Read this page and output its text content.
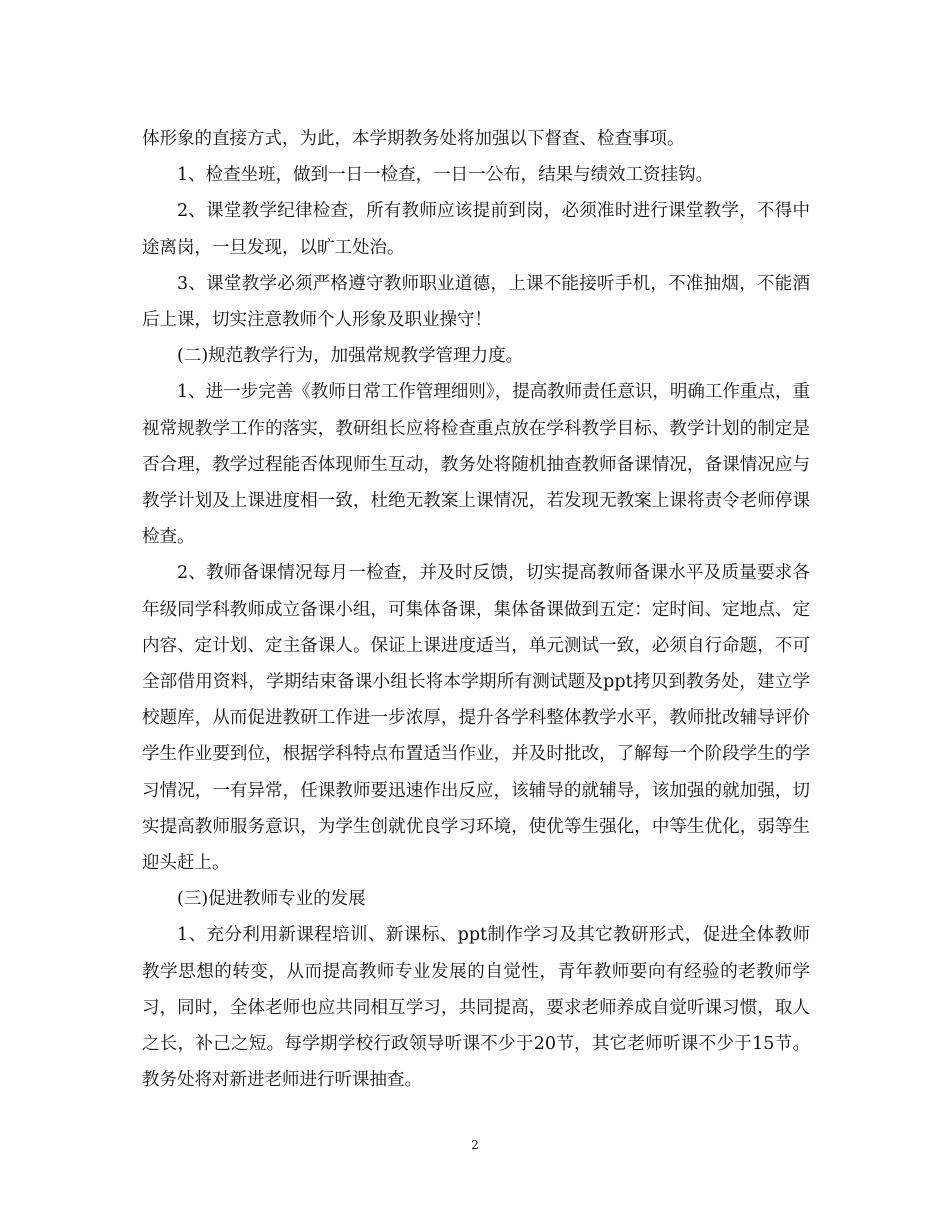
体形象的直接方式，为此，本学期教务处将加强以下督查、检查事项。

1、检查坐班，做到一日一检查，一日一公布，结果与绩效工资挂钩。

2、课堂教学纪律检查，所有教师应该提前到岗，必须准时进行课堂教学，不得中途离岗，一旦发现，以旷工处治。

3、课堂教学必须严格遵守教师职业道德，上课不能接听手机，不准抽烟，不能酒后上课，切实注意教师个人形象及职业操守！

(二)规范教学行为，加强常规教学管理力度。

1、进一步完善《教师日常工作管理细则》，提高教师责任意识，明确工作重点，重视常规教学工作的落实，教研组长应将检查重点放在学科教学目标、教学计划的制定是否合理，教学过程能否体现师生互动，教务处将随机抽查教师备课情况，备课情况应与教学计划及上课进度相一致，杜绝无教案上课情况，若发现无教案上课将责令老师停课检查。

2、教师备课情况每月一检查，并及时反馈，切实提高教师备课水平及质量要求各年级同学科教师成立备课小组，可集体备课，集体备课做到五定：定时间、定地点、定内容、定计划、定主备课人。保证上课进度适当，单元测试一致，必须自行命题，不可全部借用资料，学期结束备课小组长将本学期所有测试题及ppt拷贝到教务处，建立学校题库，从而促进教研工作进一步浓厚，提升各学科整体教学水平，教师批改辅导评价学生作业要到位，根据学科特点布置适当作业，并及时批改，了解每一个阶段学生的学习情况，一有异常，任课教师要迅速作出反应，该辅导的就辅导，该加强的就加强，切实提高教师服务意识，为学生创就优良学习环境，使优等生强化，中等生优化，弱等生迎头赶上。

(三)促进教师专业的发展

1、充分利用新课程培训、新课标、ppt制作学习及其它教研形式，促进全体教师教学思想的转变，从而提高教师专业发展的自觉性，青年教师要向有经验的老教师学习，同时，全体老师也应共同相互学习，共同提高，要求老师养成自觉听课习惯，取人之长，补己之短。每学期学校行政领导听课不少于20节，其它老师听课不少于15节。教务处将对新进老师进行听课抽查。

2
